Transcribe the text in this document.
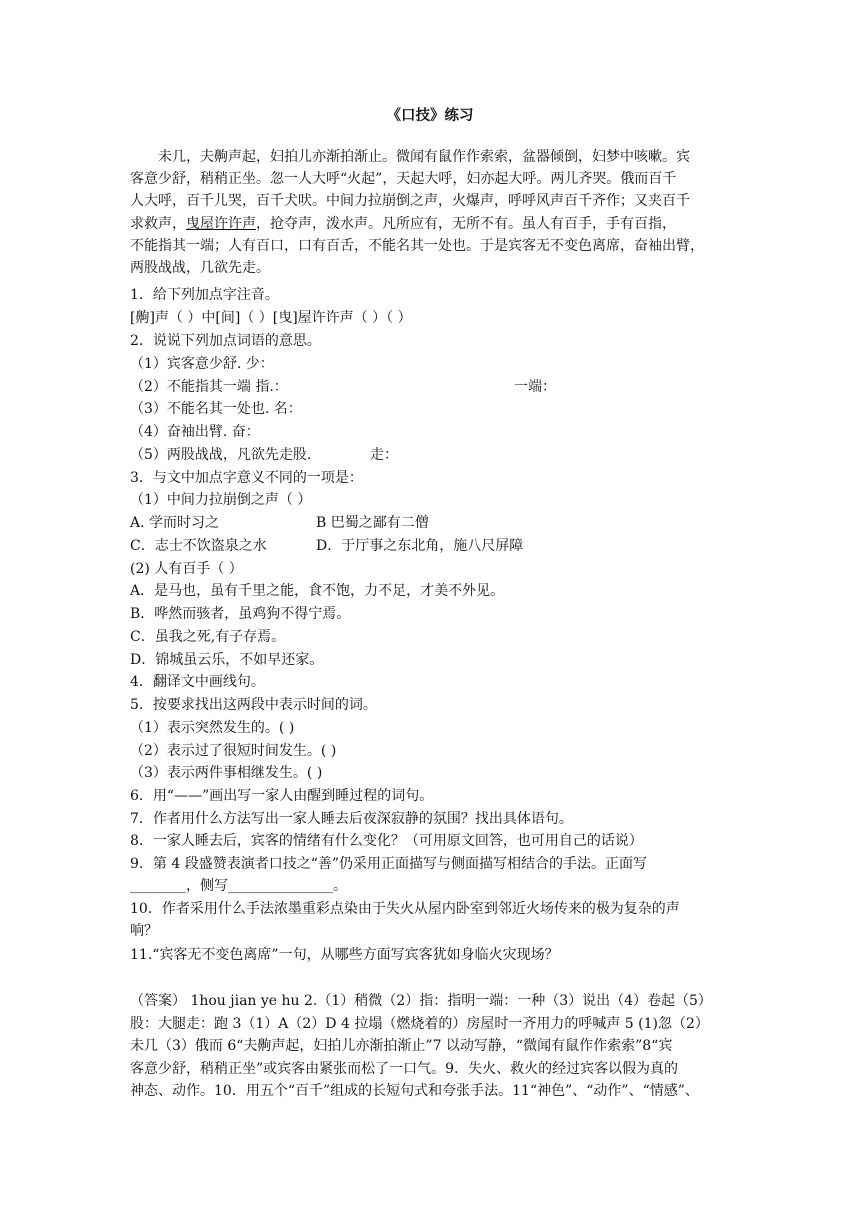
《口技》练习
未几，夫齁声起，妇拍儿亦渐拍渐止。微闻有鼠作作索索，盆器倾倒，妇梦中咳嗽。宾
客意少舒，稍稍正坐。忽一人大呼“火起”，天起大呼，妇亦起大呼。两儿齐哭。俄而百千
人大呼，百千儿哭，百千犬吠。中间力拉崩倒之声，火爆声，呼呼风声百千齐作；又夹百千
求救声，曳屋许许声，抢夺声，泼水声。凡所应有，无所不有。虽人有百手，手有百指，
不能指其一端；人有百口，口有百舌，不能名其一处也。于是宾客无不变色离席，奋袖出臂，
两股战战，几欲先走。
1．给下列加点字注音。
[齁]声（ ）中[间]（ ）[曳]屋许许声（ ）（ ）
2．说说下列加点词语的意思。
（1）宾客意少舒. 少：
（2）不能指其一端 指.：	一端：
（3）不能名其一处也. 名：
（4）奋袖出臂. 奋：
（5）两股战战，凡欲先走股.	走：
3．与文中加点字意义不同的一项是：
（1）中间力拉崩倒之声（ ）
A. 学而时习之	B 巴蜀之鄙有二僧
C．志士不饮盗泉之水	D．于厅事之东北角，施八尺屏障
(2) 人有百手（ ）
A．是马也，虽有千里之能，食不饱，力不足，才美不外见。
B．哗然而骇者，虽鸡狗不得宁焉。
C．虽我之死,有子存焉。
D．锦城虽云乐，不如早还家。
4．翻译文中画线句。
5．按要求找出这两段中表示时间的词。
（1）表示突然发生的。( )
（2）表示过了很短时间发生。( )
（3）表示两件事相继发生。( )
6．用“——”画出写一家人由醒到睡过程的词句。
7．作者用什么方法写出一家人睡去后夜深寂静的氛围？找出具体语句。
8．一家人睡去后，宾客的情绪有什么变化？（可用原文回答，也可用自己的话说）
9．第 4 段盛赞表演者口技之“善”仍采用正面描写与侧面描写相结合的手法。正面写
________，侧写_______________。
10．作者采用什么手法浓墨重彩点染由于失火从屋内卧室到邻近火场传来的极为复杂的声
响？
11.“宾客无不变色离席”一句，从哪些方面写宾客犹如身临火灾现场？
（答案） 1hou jian ye hu 2.（1）稍微（2）指：指明一端：一种（3）说出（4）卷起（5）
股：大腿走：跑 3（1）A（2）D 4 拉塌（燃烧着的）房屋时一齐用力的呼喊声 5 (1)忽（2）
未几（3）俄而 6“夫齁声起，妇拍儿亦渐拍渐止”7 以动写静，“微闻有鼠作作索索”8“宾
客意少舒，稍稍正坐”或宾客由紧张而松了一口气。9．失火、救火的经过宾客以假为真的
神态、动作。10．用五个“百千”组成的长短句式和夸张手法。11“神色”、“动作”、“情感”、
